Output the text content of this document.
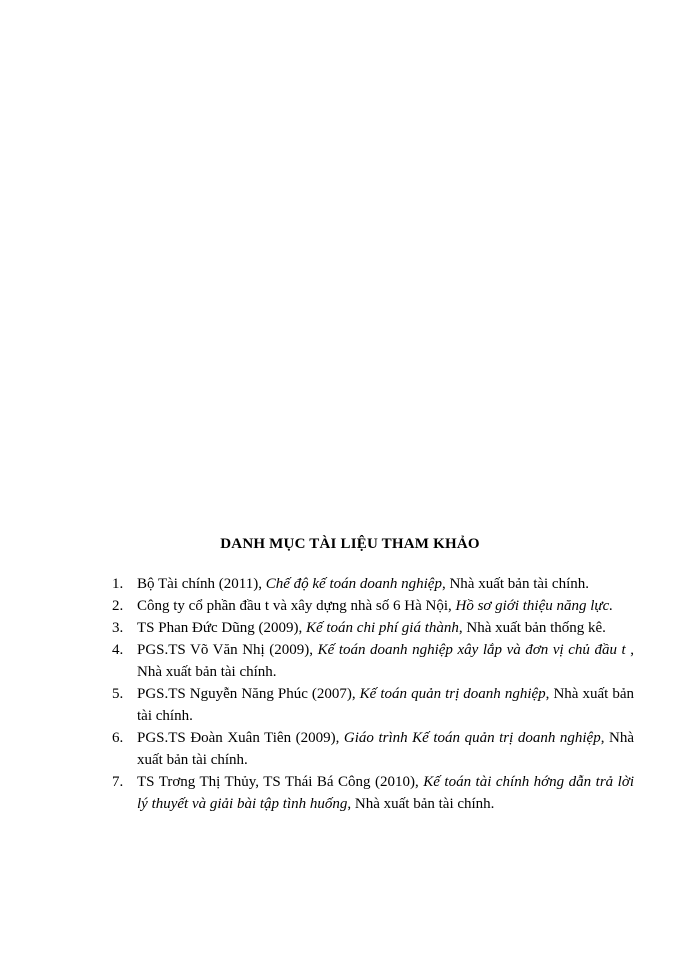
DANH MỤC TÀI LIỆU THAM KHẢO
1. Bộ Tài chính (2011), Chế độ kế toán doanh nghiệp, Nhà xuất bản tài chính.
2. Công ty cổ phần đầu t và xây dựng nhà số 6 Hà Nội, Hồ sơ giới thiệu năng lực.
3. TS Phan Đức Dũng (2009), Kế toán chi phí giá thành, Nhà xuất bản thống kê.
4. PGS.TS Võ Văn Nhị (2009), Kế toán doanh nghiệp xây lắp và đơn vị chủ đầu t , Nhà xuất bản tài chính.
5. PGS.TS Nguyễn Năng Phúc (2007), Kế toán quản trị doanh nghiệp, Nhà xuất bản tài chính.
6. PGS.TS Đoàn Xuân Tiên (2009), Giáo trình Kế toán quản trị doanh nghiệp, Nhà xuất bản tài chính.
7. TS Trơng Thị Thủy, TS Thái Bá Công (2010), Kế toán tài chính hớng dẫn trả lời lý thuyết và giải bài tập tình huống, Nhà xuất bản tài chính.
